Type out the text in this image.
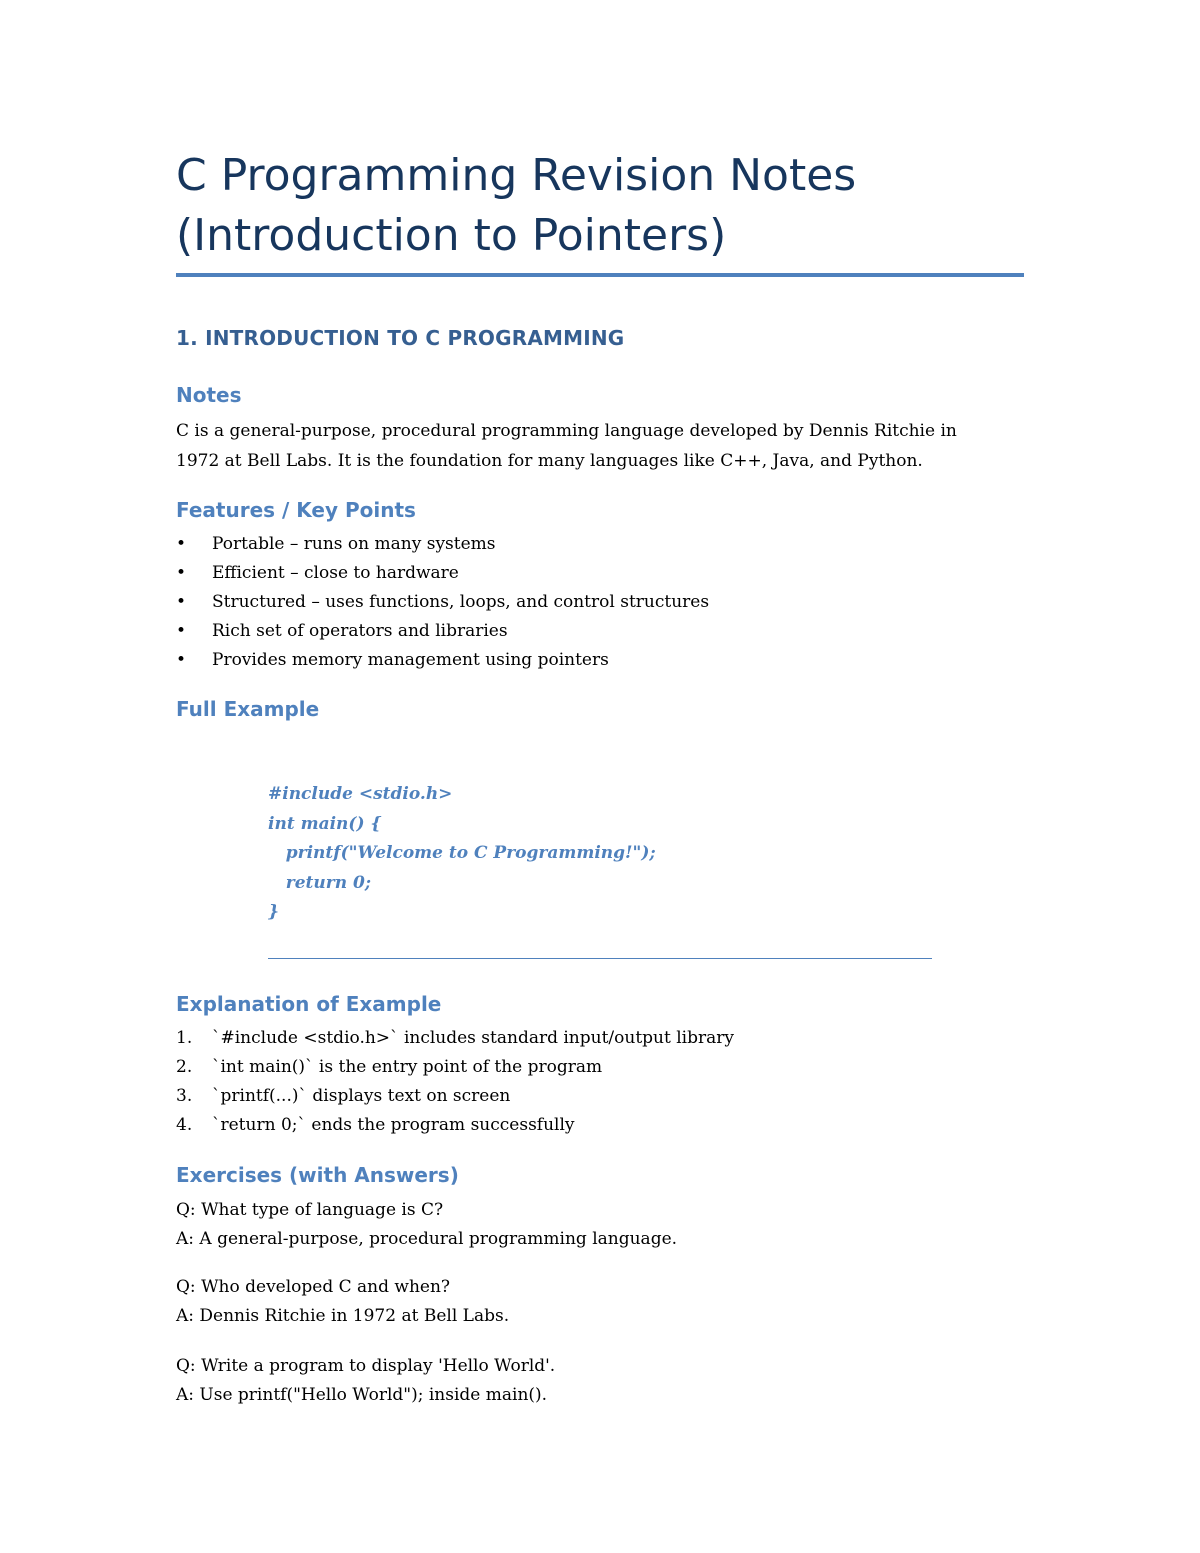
C Programming Revision Notes
(Introduction to Pointers)
1. INTRODUCTION TO C PROGRAMMING
Notes

C is a general-purpose, procedural programming language developed by Dennis Ritchie in
1972 at Bell Labs. It is the foundation for many languages like C++, Java, and Python.

Features / Key Points
•	Portable – runs on many systems
•	Efficient – close to hardware
•	Structured – uses functions, loops, and control structures
•	Rich set of operators and libraries
•	Provides memory management using pointers
Full Example
#include <stdio.h>
int main() {
printf("Welcome to C Programming!");
return 0;
}
Explanation of Example
1.	`#include <stdio.h>` includes standard input/output library
2.	`int main()` is the entry point of the program
3.	`printf(...)` displays text on screen
4.	`return 0;` ends the program successfully
Exercises (with Answers)

Q: What type of language is C?

A: A general-purpose, procedural programming language.

Q: Who developed C and when?

A: Dennis Ritchie in 1972 at Bell Labs.

Q: Write a program to display 'Hello World'.

A: Use printf("Hello World"); inside main().
